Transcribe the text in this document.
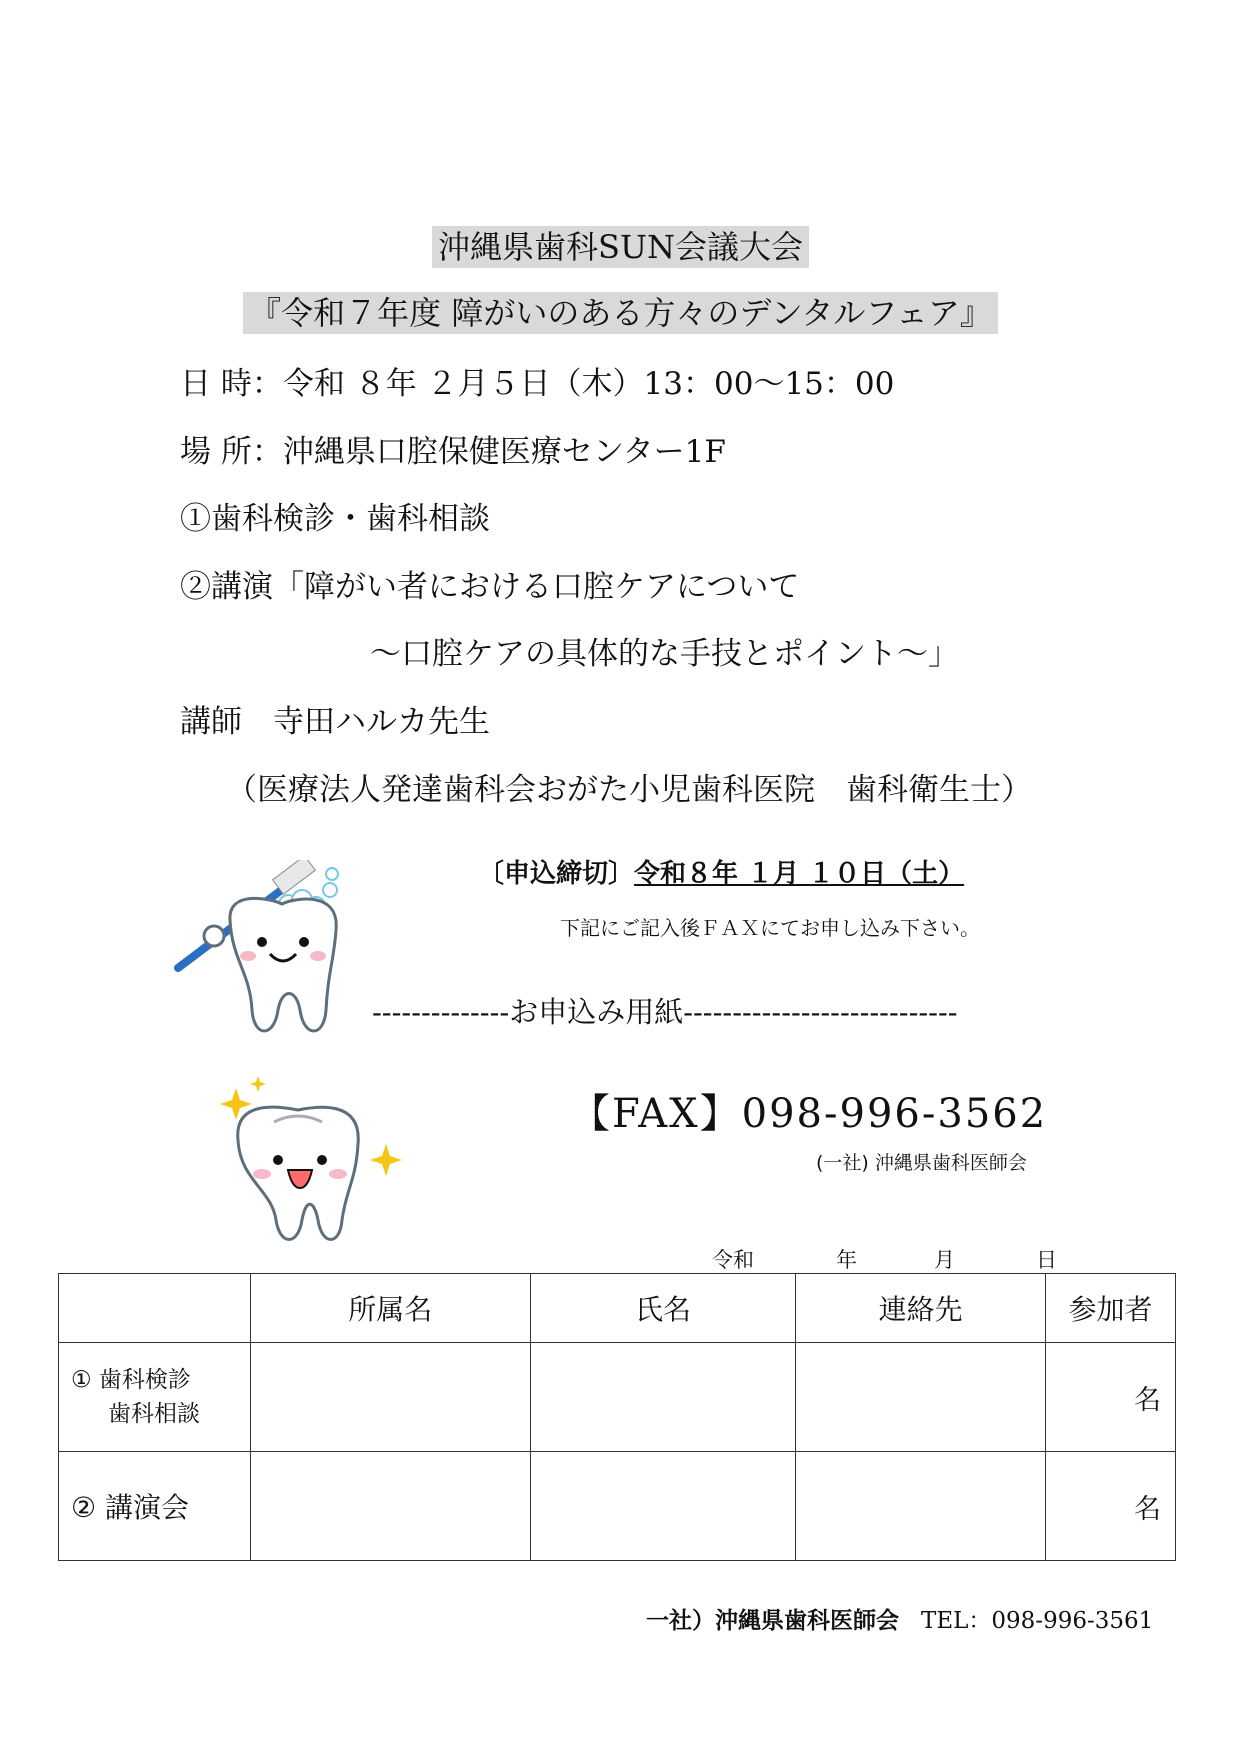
沖縄県歯科SUN会議大会
『令和７年度 障がいのある方々のデンタルフェア』
日 時：令和 ８年 ２月５日（木）13：00〜15：00
場 所：沖縄県口腔保健医療センター1F
①歯科検診・歯科相談
②講演「障がい者における口腔ケアについて
〜口腔ケアの具体的な手技とポイント〜」
講師　寺田ハルカ先生
（医療法人発達歯科会おがた小児歯科医院　歯科衛生士）
〔申込締切〕令和８年 １月 １０日（土）
下記にご記入後ＦＡＸにてお申し込み下さい。
--------------お申込み用紙----------------------------
【FAX】098-996-3562
(一社) 沖縄県歯科医師会
令和	年	月	日
	所属名	氏名	連絡先	参加者

① 歯科検診
歯科相談				名
② 講演会				名
一社）沖縄県歯科医師会 TEL：098-996-3561
